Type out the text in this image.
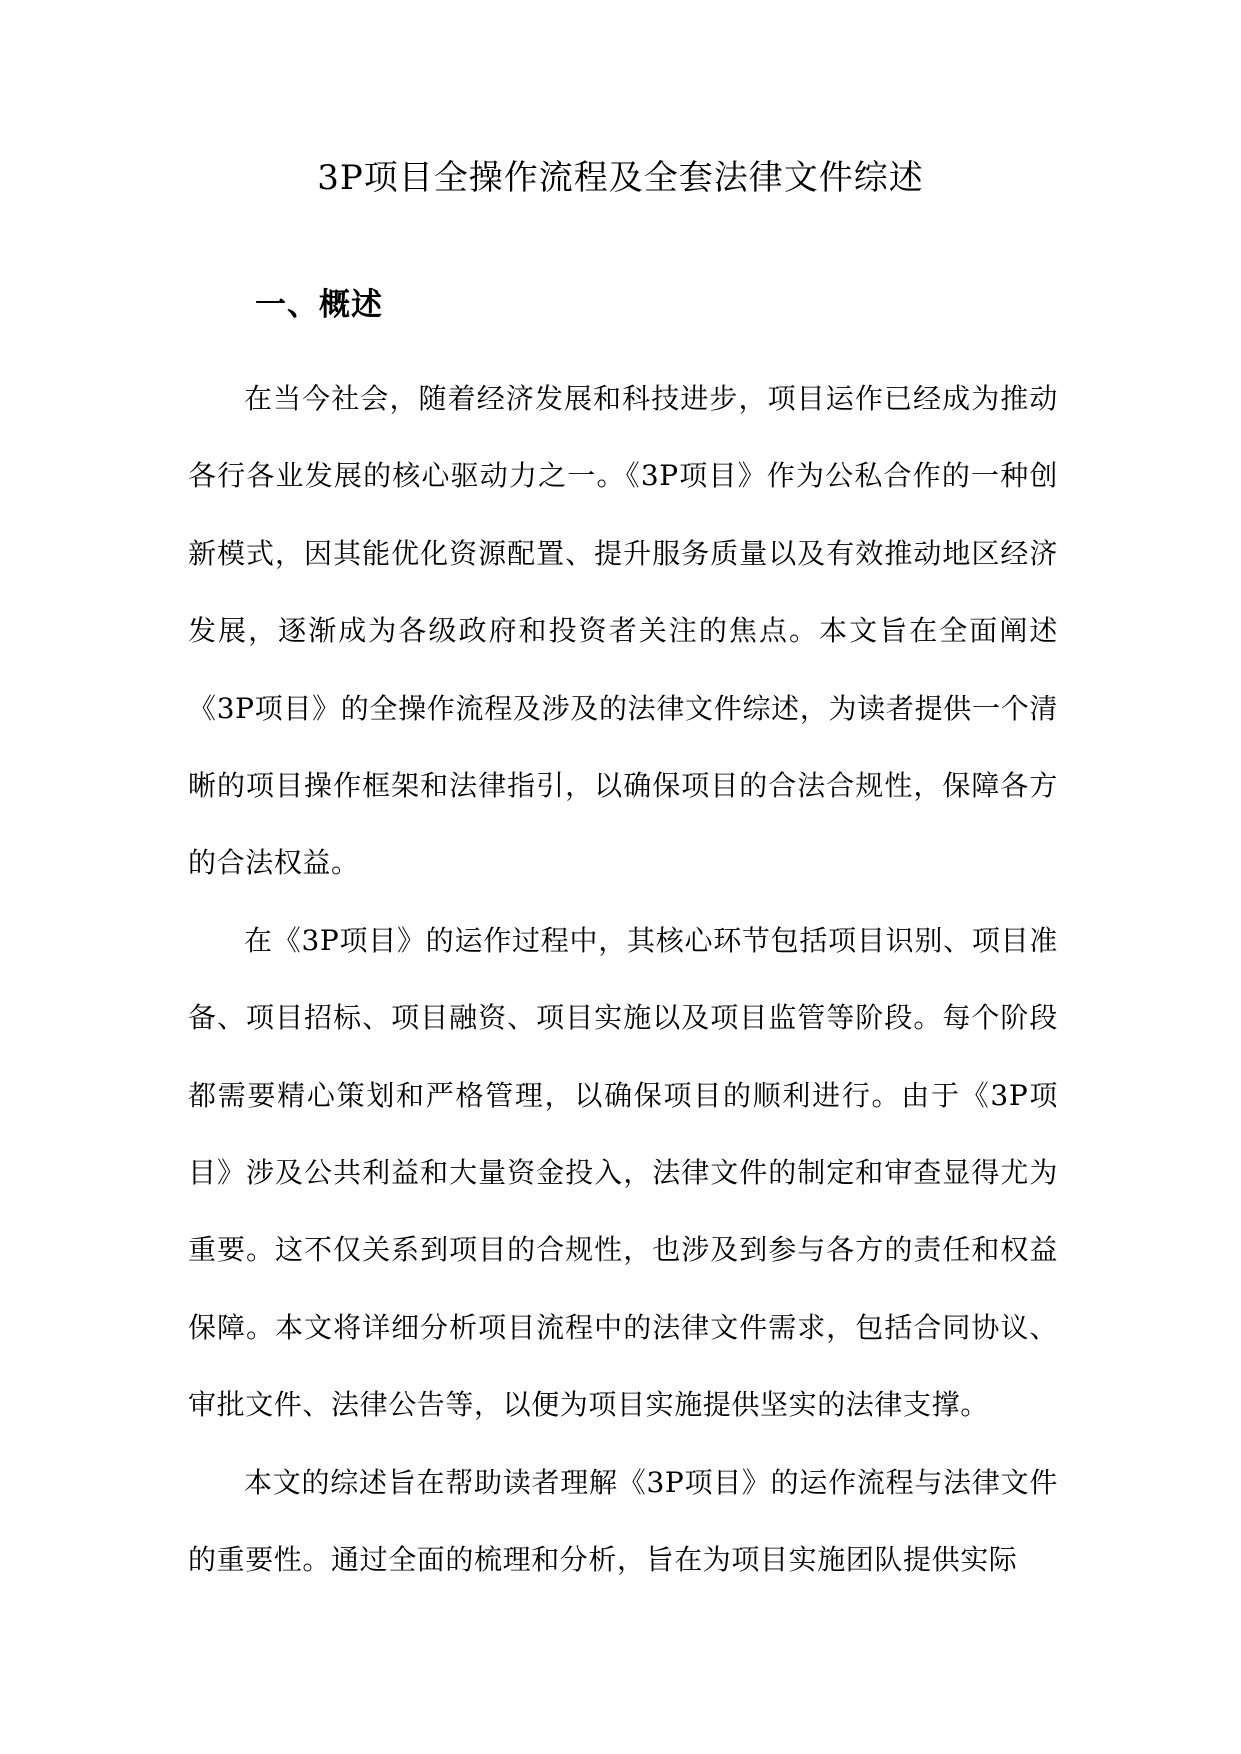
3P项目全操作流程及全套法律文件综述
一、概述

在当今社会，随着经济发展和科技进步，项目运作已经成为推动各行各业发展的核心驱动力之一。《3P项目》作为公私合作的一种创新模式，因其能优化资源配置、提升服务质量以及有效推动地区经济发展，逐渐成为各级政府和投资者关注的焦点。本文旨在全面阐述《3P项目》的全操作流程及涉及的法律文件综述，为读者提供一个清晰的项目操作框架和法律指引，以确保项目的合法合规性，保障各方的合法权益。

在《3P项目》的运作过程中，其核心环节包括项目识别、项目准备、项目招标、项目融资、项目实施以及项目监管等阶段。每个阶段都需要精心策划和严格管理，以确保项目的顺利进行。由于《3P项目》涉及公共利益和大量资金投入，法律文件的制定和审查显得尤为重要。这不仅关系到项目的合规性，也涉及到参与各方的责任和权益保障。本文将详细分析项目流程中的法律文件需求，包括合同协议、审批文件、法律公告等，以便为项目实施提供坚实的法律支撑。

本文的综述旨在帮助读者理解《3P项目》的运作流程与法律文件的重要性。通过全面的梳理和分析，旨在为项目实施团队提供实际
